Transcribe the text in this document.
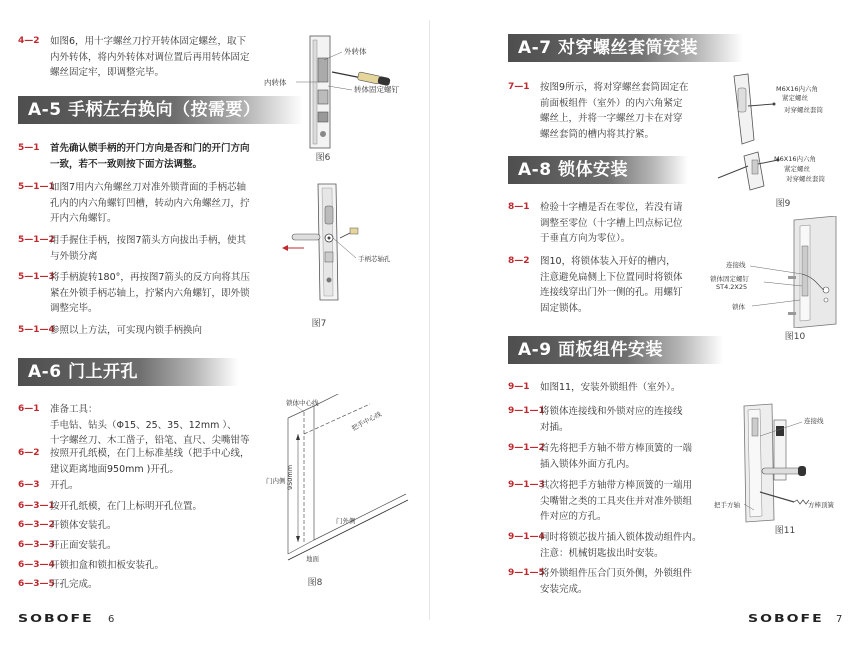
4—2 如图6，用十字螺丝刀拧开转体固定螺丝，取下
内外转体，将内外转体对调位置后再用转体固定
螺丝固定牢，即调整完毕。
外转体
内转体
转体固定螺钉
图6
A-5 手柄左右换向（按需要）
5—1 首先确认锁手柄的开门方向是否和门的开门方向
一致，若不一致则按下面方法调整。
5—1—1
如图7用内六角螺丝刀对准外锁背面的手柄芯轴
孔内的内六角螺钉凹槽，转动内六角螺丝刀，拧
开内六角螺钉。
5—1—2
用手握住手柄，按图7箭头方向拔出手柄，使其
与外锁分离
5—1—3
将手柄旋转180°，再按图7箭头的反方向将其压
紧在外锁手柄芯轴上，拧紧内六角螺钉，即外锁
调整完毕。
5—1—4
参照以上方法，可实现内锁手柄换向
手柄芯轴孔
图7
A-6 门上开孔
6—1 准备工具：
手电钻、钻头（Φ15、25、35、12mm ）、
十字螺丝刀、木工凿子，铅笔、直尺、尖嘴钳等
6—2 按照开孔纸模，在门上标准基线（把手中心线，
建议距离地面950mm )开孔。
6—3 开孔。
6—3—1
按开孔纸模，在门上标明开孔位置。
6—3—2
开锁体安装孔。
6—3—3
开正面安装孔。
6—3—4
开锁扣盒和锁扣板安装孔。
6—3—5
开孔完成。
锁体中心线
把手中心线
门内侧
门外侧
950mm
地面
图8
SOBOFE 6
A-7 对穿螺丝套筒安装
7—1 按图9所示，将对穿螺丝套筒固定在
前面板组件（室外）的内六角紧定
螺丝上，并将一字螺丝刀卡在对穿
螺丝套筒的槽内将其拧紧。
M6X16内六角
紧定螺丝
对穿螺丝套筒
M6X16内六角
紧定螺丝
对穿螺丝套筒
图9
A-8 锁体安装
8—1 检验十字槽是否在零位，若没有请
调整至零位（十字槽上凹点标记位
于垂直方向为零位）。
8—2 图10，将锁体装入开好的槽内，
注意避免扁侧上下位置同时将锁体
连接线穿出门外一侧的孔。用螺钉
固定锁体。
连接线
锁体固定螺钉
ST4.2X25
锁体
图10
A-9 面板组件安装
9—1 如图11，安装外锁组件（室外）。
9—1—1
将锁体连接线和外锁对应的连接线
对插。
9—1—2
首先将把手方轴不带方棒顶簧的一端
插入锁体外面方孔内。
9—1—3
其次将把手方轴带方棒顶簧的一端用
尖嘴钳之类的工具夹住并对准外锁组
件对应的方孔。
9—1—4
同时将锁芯拔片插入锁体拨动组件内。
注意：机械钥匙拔出时安装。
9—1—5
将外锁组件压合门页外侧，外锁组件
安装完成。
连接线
把手方轴	方棒顶簧
图11
SOBOFE 7
